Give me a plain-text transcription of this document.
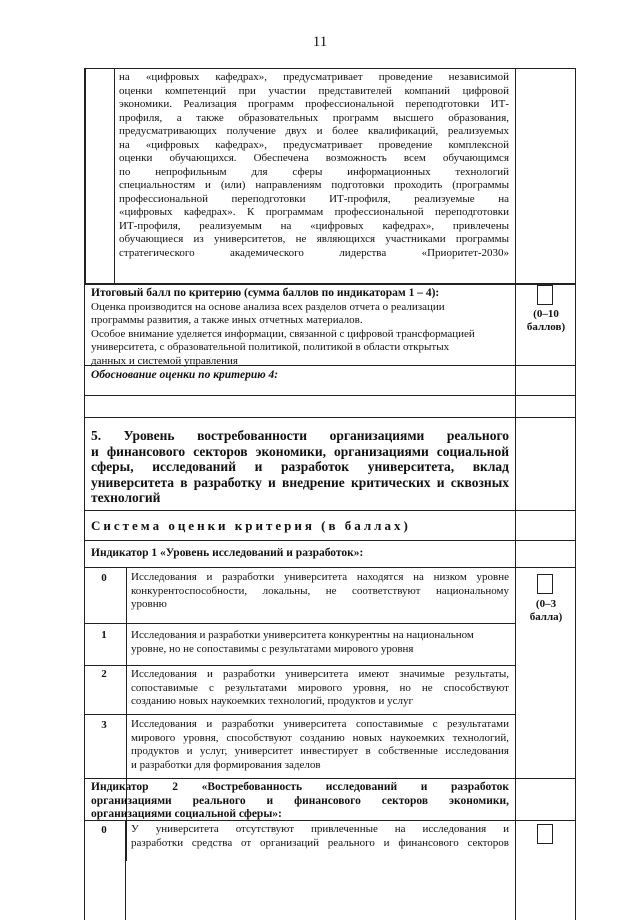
11
на «цифровых кафедрах», предусматривает проведение независимой
оценки компетенций при участии представителей компаний цифровой
экономики. Реализация программ профессиональной переподготовки ИТ-
профиля, а также образовательных программ высшего образования,
предусматривающих получение двух и более квалификаций, реализуемых
на «цифровых кафедрах», предусматривает проведение комплексной
оценки обучающихся. Обеспечена возможность всем обучающимся
по непрофильным для сферы информационных технологий
специальностям и (или) направлениям подготовки проходить (программы
профессиональной переподготовки ИТ-профиля, реализуемые на
«цифровых кафедрах». К программам профессиональной переподготовки
ИТ-профиля, реализуемым на «цифровых кафедрах», привлечены
обучающиеся из университетов, не являющихся участниками программы
стратегического академического лидерства «Приоритет-2030»
Итоговый балл по критерию (сумма баллов по индикаторам 1 – 4):
Оценка производится на основе анализа всех разделов отчета о реализации
программы развития, а также иных отчетных материалов.
Особое внимание уделяется информации, связанной с цифровой трансформацией
университета, с образовательной политикой, политикой в области открытых
данных и системой управления
(0–10
баллов)
Обоснование оценки по критерию 4:
5. Уровень востребованности организациями реального
и финансового секторов экономики, организациями социальной
сферы, исследований и разработок университета, вклад
университета в разработку и внедрение критических и сквозных
технологий
Система оценки критерия (в баллах)
Индикатор 1 «Уровень исследований и разработок»:
0	Исследования и разработки университета находятся на низком уровне
конкурентоспособности, локальны, не соответствуют национальному
уровню
1	Исследования и разработки университета конкурентны на национальном
уровне, но не сопоставимы с результатами мирового уровня
2	Исследования и разработки университета имеют значимые результаты,
сопоставимые с результатами мирового уровня, но не способствуют
созданию новых наукоемких технологий, продуктов и услуг
3	Исследования и разработки университета сопоставимые с результатами
мирового уровня, способствуют созданию новых наукоемких технологий,
продуктов и услуг, университет инвестирует в собственные исследования
и разработки для формирования заделов
(0–3
балла)
Индикатор 2 «Востребованность исследований и разработок
организациями реального и финансового секторов экономики,
организациями социальной сферы»:
0	У университета отсутствуют привлеченные на исследования и
разработки средства от организаций реального и финансового секторов
